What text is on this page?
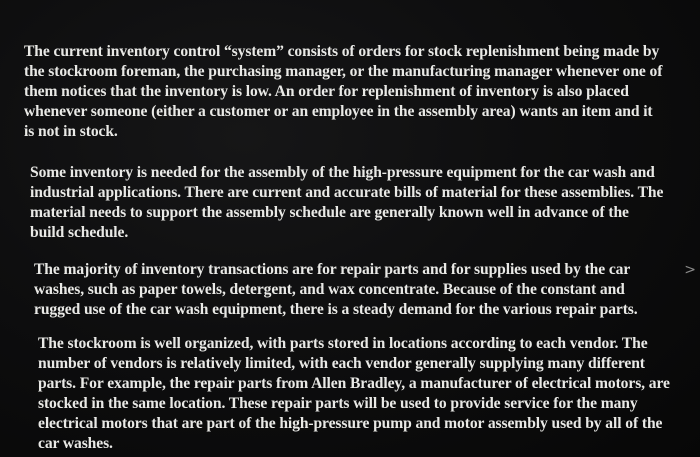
The current inventory control “system” consists of orders for stock replenishment being made by
the stockroom foreman, the purchasing manager, or the manufacturing manager whenever one of
them notices that the inventory is low. An order for replenishment of inventory is also placed
whenever someone (either a customer or an employee in the assembly area) wants an item and it
is not in stock.

Some inventory is needed for the assembly of the high-pressure equipment for the car wash and
industrial applications. There are current and accurate bills of material for these assemblies. The
material needs to support the assembly schedule are generally known well in advance of the
build schedule.

The majority of inventory transactions are for repair parts and for supplies used by the car
washes, such as paper towels, detergent, and wax concentrate. Because of the constant and
rugged use of the car wash equipment, there is a steady demand for the various repair parts.

The stockroom is well organized, with parts stored in locations according to each vendor. The
number of vendors is relatively limited, with each vendor generally supplying many different
parts. For example, the repair parts from Allen Bradley, a manufacturer of electrical motors, are
stocked in the same location. These repair parts will be used to provide service for the many
electrical motors that are part of the high-pressure pump and motor assembly used by all of the
car washes.

>
